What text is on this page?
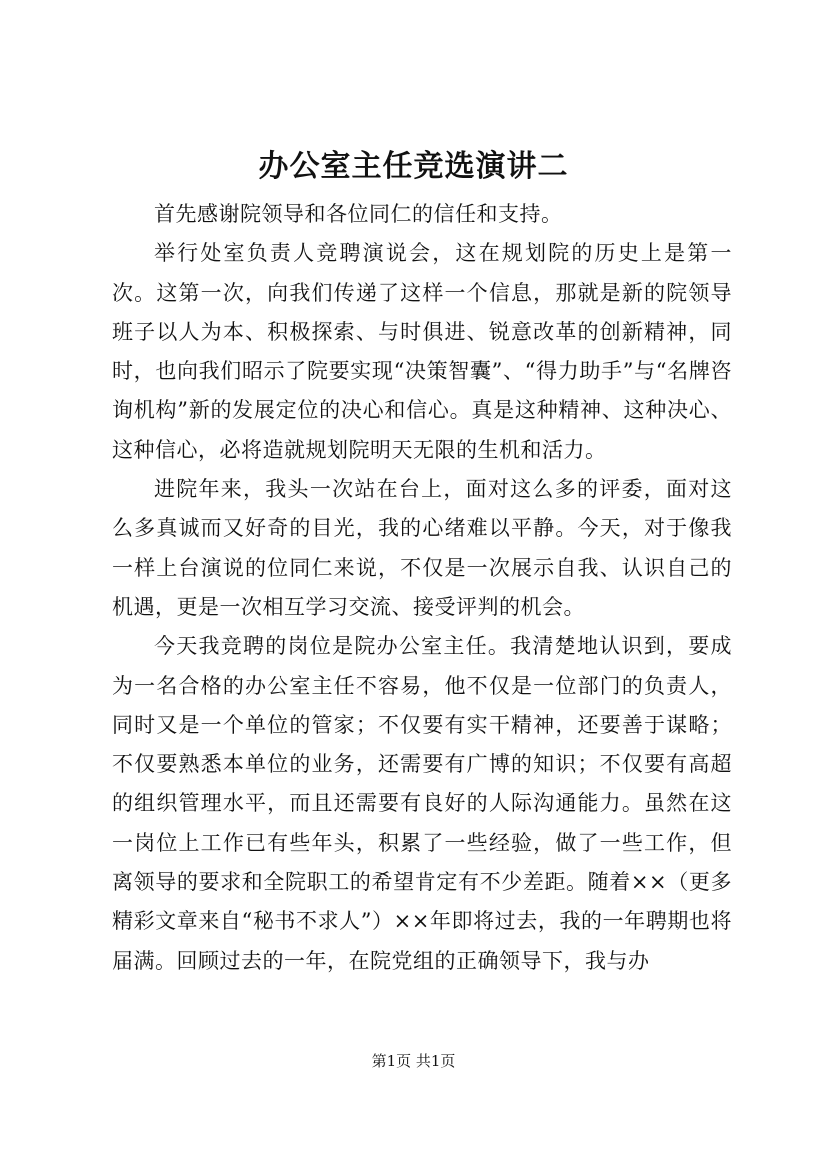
办公室主任竞选演讲二

首先感谢院领导和各位同仁的信任和支持。

举行处室负责人竞聘演说会，这在规划院的历史上是第一次。这第一次，向我们传递了这样一个信息，那就是新的院领导班子以人为本、积极探索、与时俱进、锐意改革的创新精神，同时，也向我们昭示了院要实现“决策智囊”、“得力助手”与“名牌咨询机构”新的发展定位的决心和信心。真是这种精神、这种决心、这种信心，必将造就规划院明天无限的生机和活力。

进院年来，我头一次站在台上，面对这么多的评委，面对这么多真诚而又好奇的目光，我的心绪难以平静。今天，对于像我一样上台演说的位同仁来说，不仅是一次展示自我、认识自己的机遇，更是一次相互学习交流、接受评判的机会。

今天我竞聘的岗位是院办公室主任。我清楚地认识到，要成为一名合格的办公室主任不容易，他不仅是一位部门的负责人，同时又是一个单位的管家；不仅要有实干精神，还要善于谋略；不仅要熟悉本单位的业务，还需要有广博的知识；不仅要有高超的组织管理水平，而且还需要有良好的人际沟通能力。虽然在这一岗位上工作已有些年头，积累了一些经验，做了一些工作，但离领导的要求和全院职工的希望肯定有不少差距。随着××（更多精彩文章来自“秘书不求人”）××年即将过去，我的一年聘期也将届满。回顾过去的一年，在院党组的正确领导下，我与办

第1页 共1页
